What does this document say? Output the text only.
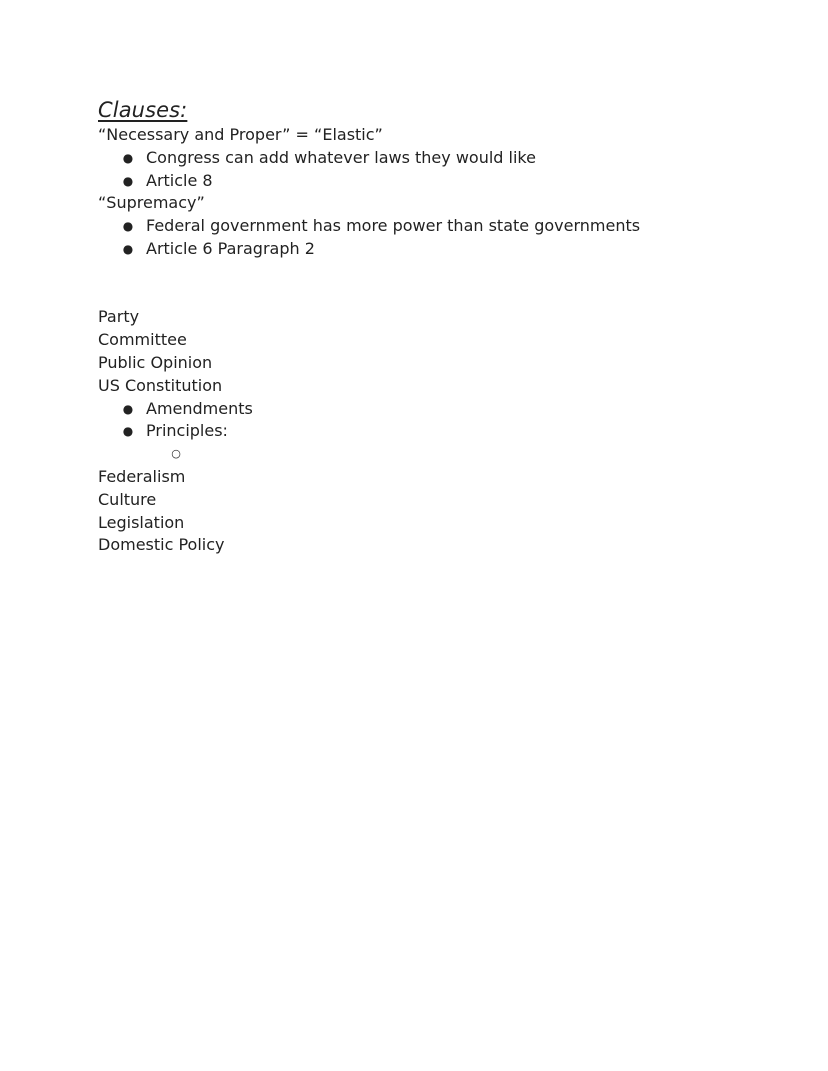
Clauses:

“Necessary and Proper” = “Elastic”

● Congress can add whatever laws they would like
● Article 8

“Supremacy”

● Federal government has more power than state governments
● Article 6 Paragraph 2

Party

Committee

Public Opinion

US Constitution

● Amendments
● Principles:
○

Federalism

Culture

Legislation

Domestic Policy
